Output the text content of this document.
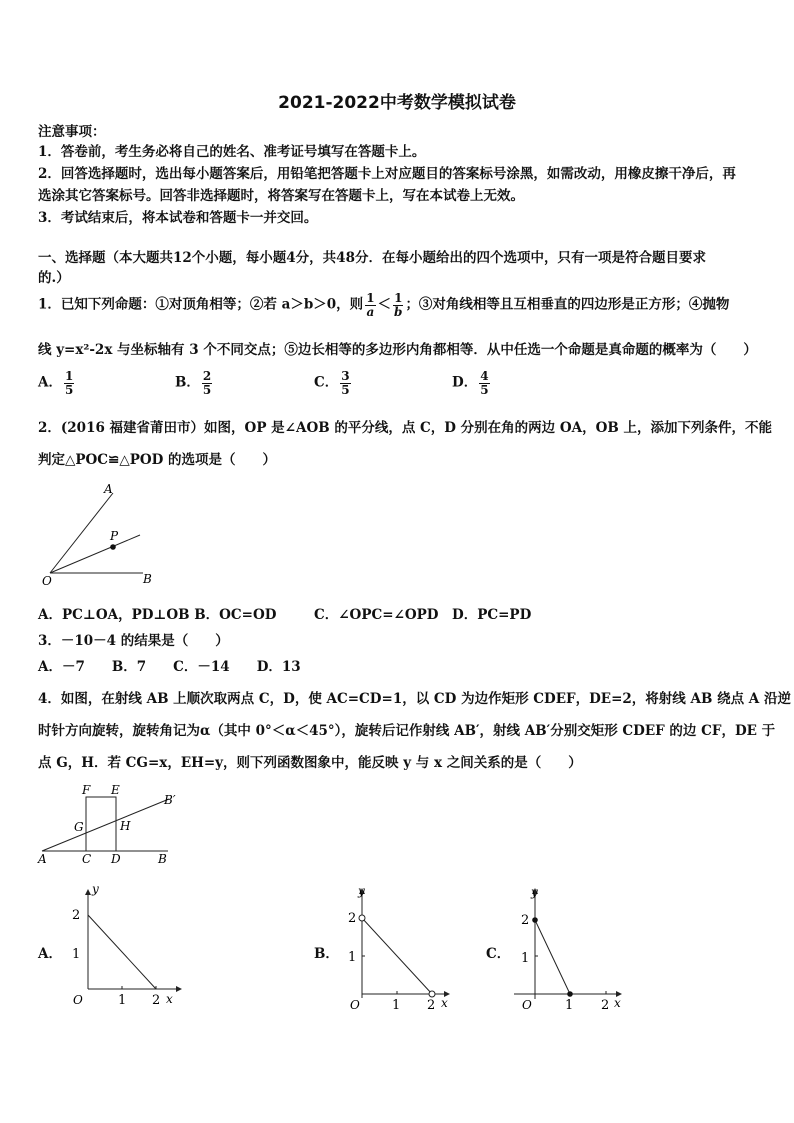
2021-2022中考数学模拟试卷
注意事项：
1．答卷前，考生务必将自己的姓名、准考证号填写在答题卡上。
2．回答选择题时，选出每小题答案后，用铅笔把答题卡上对应题目的答案标号涂黑，如需改动，用橡皮擦干净后，再
选涂其它答案标号。回答非选择题时，将答案写在答题卡上，写在本试卷上无效。
3．考试结束后，将本试卷和答题卡一并交回。
一、选择题（本大题共12个小题，每小题4分，共48分．在每小题给出的四个选项中，只有一项是符合题目要求
的.）
1．已知下列命题：①对顶角相等；②若 a＞b＞0，则 $\frac{1}{a} < \frac{1}{b}$ ；③对角线相等且互相垂直的四边形是正方形；④抛物
线 y=x²-2x 与坐标轴有 3 个不同交点；⑤边长相等的多边形内角都相等．从中任选一个命题是真命题的概率为（　　）
A． $\frac{1}{5}$	B． $\frac{2}{5}$	C． $\frac{3}{5}$	D． $\frac{4}{5}$
2．(2016 福建省莆田市）如图，OP 是∠AOB 的平分线，点 C，D 分别在角的两边 OA，OB 上，添加下列条件，不能
判定△POC≌△POD 的选项是（　　）
A
P
O	B
A．PC⊥OA，PD⊥OB B．OC=OD	C．∠OPC=∠OPD D．PC=PD
3．－10－4 的结果是（　　）
A．－7　　B．7　　C．－14　　D．13
4．如图，在射线 AB 上顺次取两点 C，D，使 AC=CD=1，以 CD 为边作矩形 CDEF，DE=2，将射线 AB 绕点 A 沿逆
时针方向旋转，旋转角记为α（其中 0°＜α＜45°），旋转后记作射线 AB′，射线 AB′分别交矩形 CDEF 的边 CF，DE 于
点 G，H．若 CG=x，EH=y，则下列函数图象中，能反映 y 与 x 之间关系的是（　　）
F E
B′
G	H
A	C D	B
A．
y
2
1
O	1 2 x
B．
y
2
1
O 1 2 x
C．
y
2
1
O	1 2 x
